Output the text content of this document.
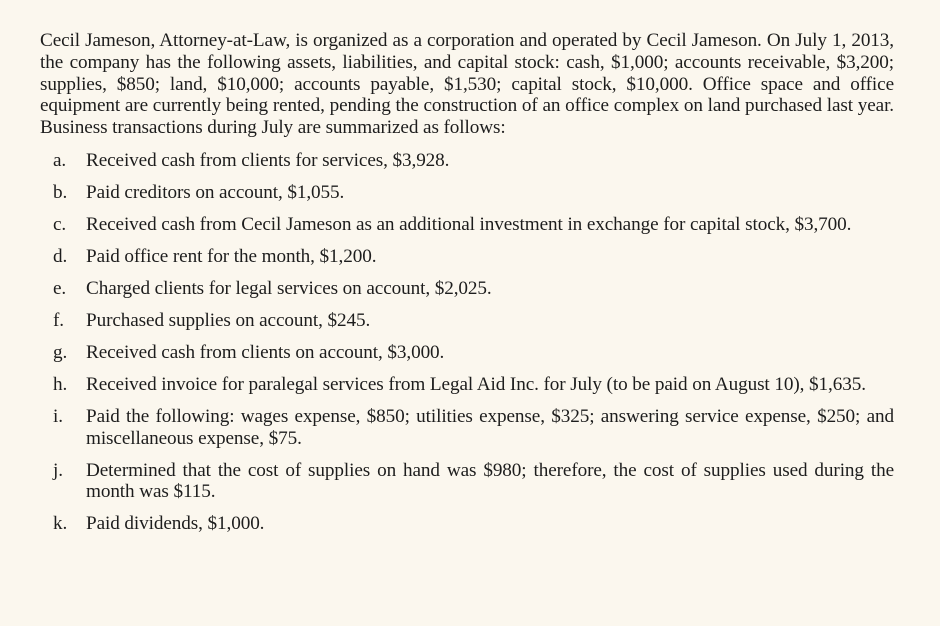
Cecil Jameson, Attorney-at-Law, is organized as a corporation and operated by Cecil Jameson. On July 1, 2013, the company has the following assets, liabilities, and capital stock: cash, $1,000; accounts receivable, $3,200; supplies, $850; land, $10,000; accounts payable, $1,530; capital stock, $10,000. Office space and office equipment are currently being rented, pending the construction of an office complex on land purchased last year. Business transactions during July are summarized as follows:

a.	Received cash from clients for services, $3,928.
b. Paid creditors on account, $1,055.
c.	Received cash from Cecil Jameson as an additional investment in exchange for capital stock, $3,700.
d. Paid office rent for the month, $1,200.
e.	Charged clients for legal services on account, $2,025.
f.	Purchased supplies on account, $245.
g. Received cash from clients on account, $3,000.
h. Received invoice for paralegal services from Legal Aid Inc. for July (to be paid on August 10), $1,635.
i.	Paid the following: wages expense, $850; utilities expense, $325; answering service expense, $250; and miscellaneous expense, $75.
j.	Determined that the cost of supplies on hand was $980; therefore, the cost of supplies used during the month was $115.
k. Paid dividends, $1,000.
